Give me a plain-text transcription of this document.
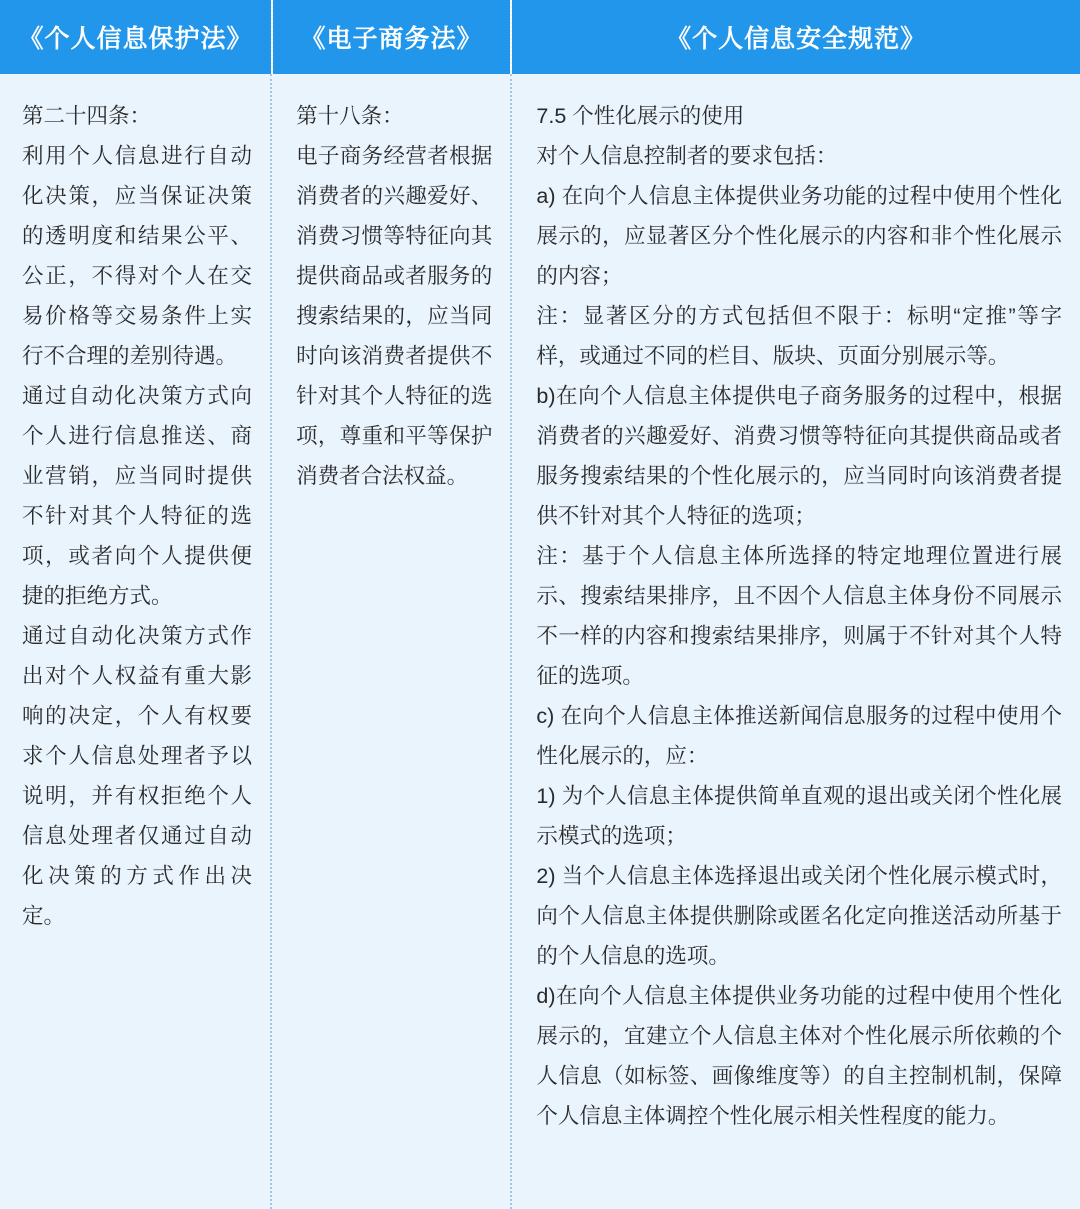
《个人信息保护法》	《电子商务法》	《个人信息安全规范》

第二十四条：

利用个人信息进行自动化决策，应当保证决策的透明度和结果公平、公正，不得对个人在交易价格等交易条件上实行不合理的差别待遇。

通过自动化决策方式向个人进行信息推送、商业营销，应当同时提供不针对其个人特征的选项，或者向个人提供便捷的拒绝方式。

通过自动化决策方式作出对个人权益有重大影响的决定，个人有权要求个人信息处理者予以说明，并有权拒绝个人信息处理者仅通过自动化决策的方式作出决定。

第十八条：

电子商务经营者根据消费者的兴趣爱好、消费习惯等特征向其提供商品或者服务的搜索结果的，应当同时向该消费者提供不针对其个人特征的选项，尊重和平等保护消费者合法权益。

7.5 个性化展示的使用

对个人信息控制者的要求包括：

a) 在向个人信息主体提供业务功能的过程中使用个性化展示的，应显著区分个性化展示的内容和非个性化展示的内容；

注：显著区分的方式包括但不限于：标明“定推”等字样，或通过不同的栏目、版块、页面分别展示等。

b)在向个人信息主体提供电子商务服务的过程中，根据消费者的兴趣爱好、消费习惯等特征向其提供商品或者服务搜索结果的个性化展示的，应当同时向该消费者提供不针对其个人特征的选项；

注：基于个人信息主体所选择的特定地理位置进行展示、搜索结果排序，且不因个人信息主体身份不同展示不一样的内容和搜索结果排序，则属于不针对其个人特征的选项。

c) 在向个人信息主体推送新闻信息服务的过程中使用个性化展示的，应：

1) 为个人信息主体提供简单直观的退出或关闭个性化展示模式的选项；

2) 当个人信息主体选择退出或关闭个性化展示模式时，向个人信息主体提供删除或匿名化定向推送活动所基于的个人信息的选项。

d)在向个人信息主体提供业务功能的过程中使用个性化展示的，宜建立个人信息主体对个性化展示所依赖的个人信息（如标签、画像维度等）的自主控制机制，保障个人信息主体调控个性化展示相关性程度的能力。
